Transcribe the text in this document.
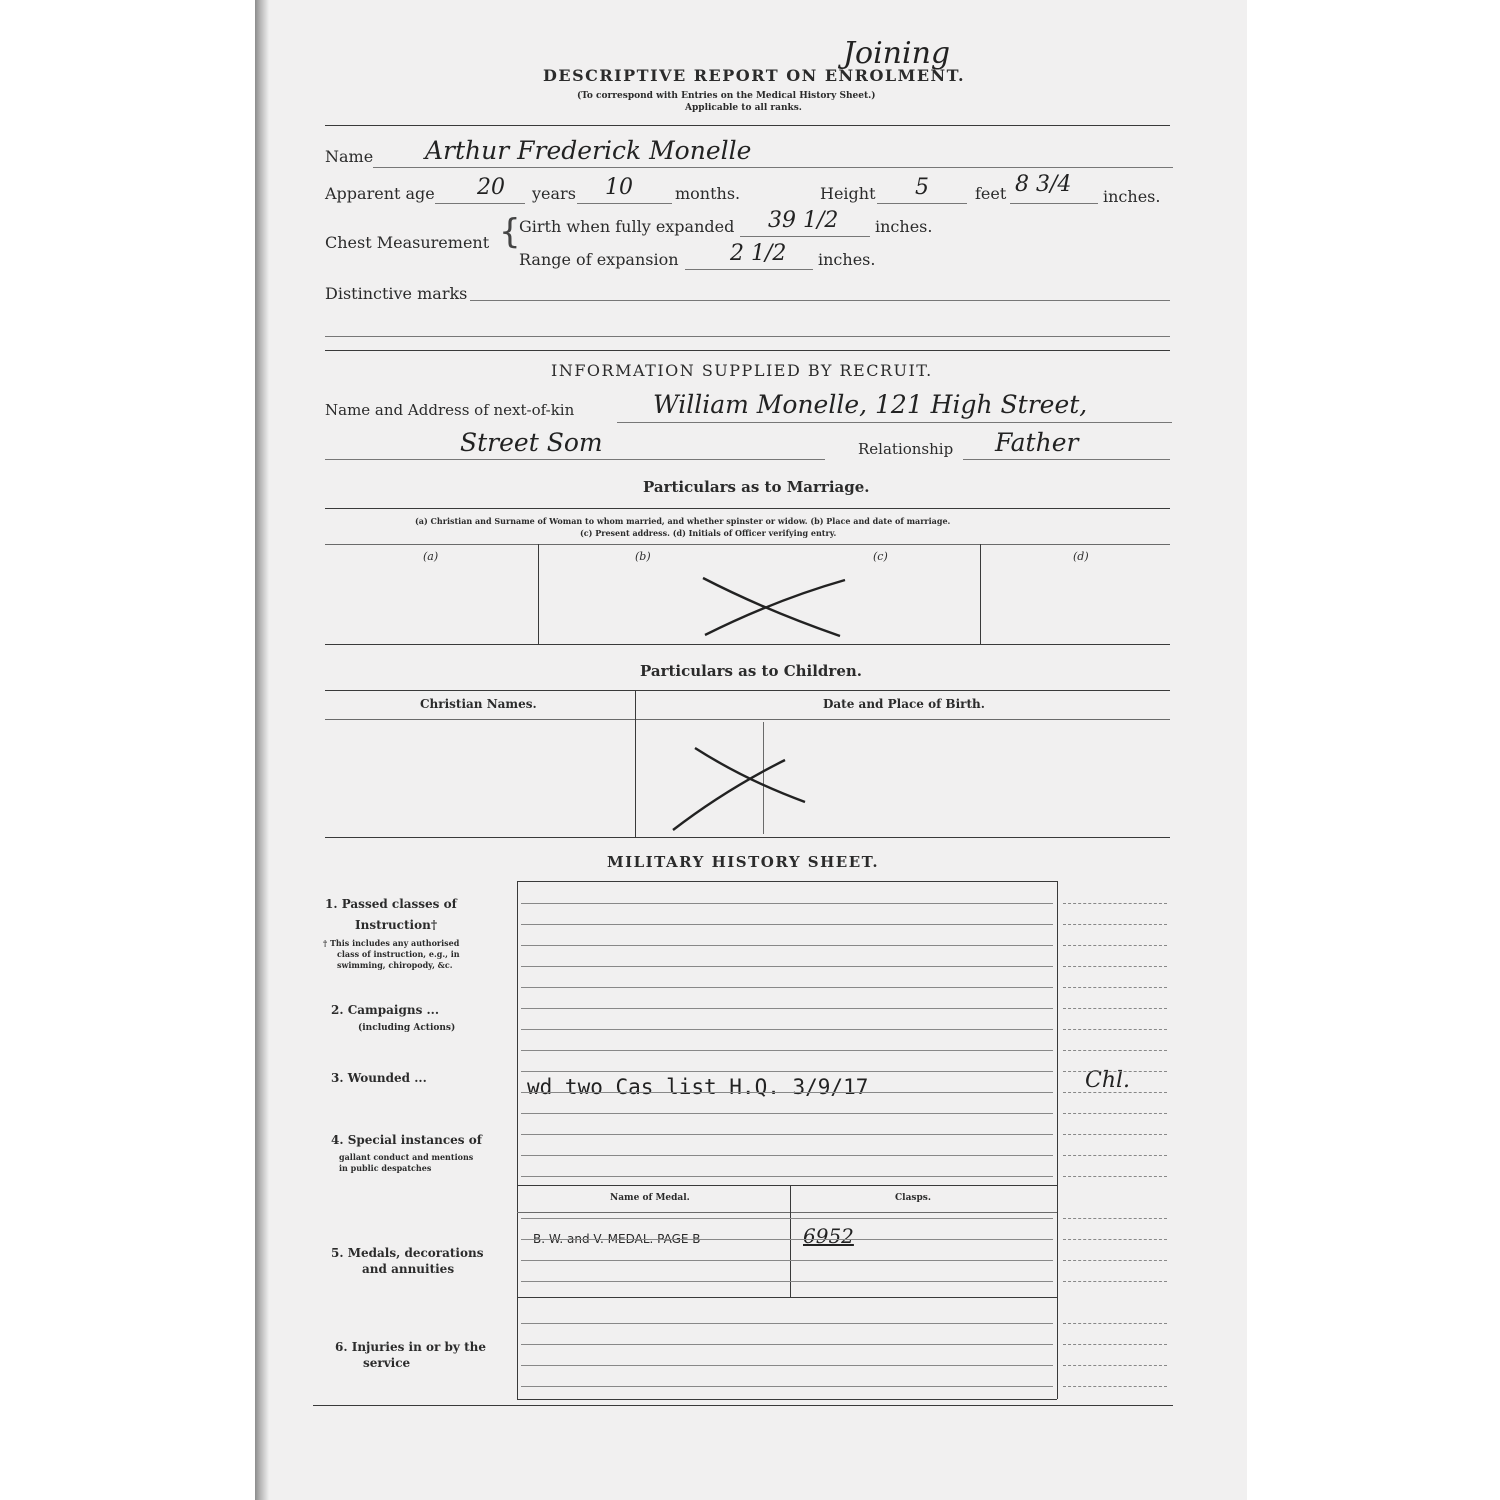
Joining
DESCRIPTIVE REPORT ON ENROLMENT.
(To correspond with Entries on the Medical History Sheet.)
Applicable to all ranks.
Name Arthur Frederick Monelle
Apparent age 20 years 10	months.	Height 5	feet 8 3/4 inches.
Chest Measurement {
Girth when fully expanded 39 1/2 inches.
Range of expansion 2 1/2 inches.
Distinctive marks
INFORMATION SUPPLIED BY RECRUIT.
Name and Address of next-of-kin	William Monelle, 121 High Street,
Street Som	Relationship Father
Particulars as to Marriage.
(a) Christian and Surname of Woman to whom married, and whether spinster or widow. (b) Place and date of marriage.
(c) Present address. (d) Initials of Officer verifying entry.
(a)	(b)	(c)	(d)
Particulars as to Children.
Christian Names.	Date and Place of Birth.
MILITARY HISTORY SHEET.
1. Passed classes of
Instruction†
† This includes any authorised
class of instruction, e.g., in
swimming, chiropody, &c.
2. Campaigns ...
(including Actions)
3. Wounded ...	wd two Cas list H.Q. 3/9/17	Chl.
4. Special instances of
gallant conduct and mentions
in public despatches
Name of Medal.	Clasps.
B. W. and V. MEDAL. PAGE B	6952
5. Medals, decorations
and annuities
6. Injuries in or by the
service
